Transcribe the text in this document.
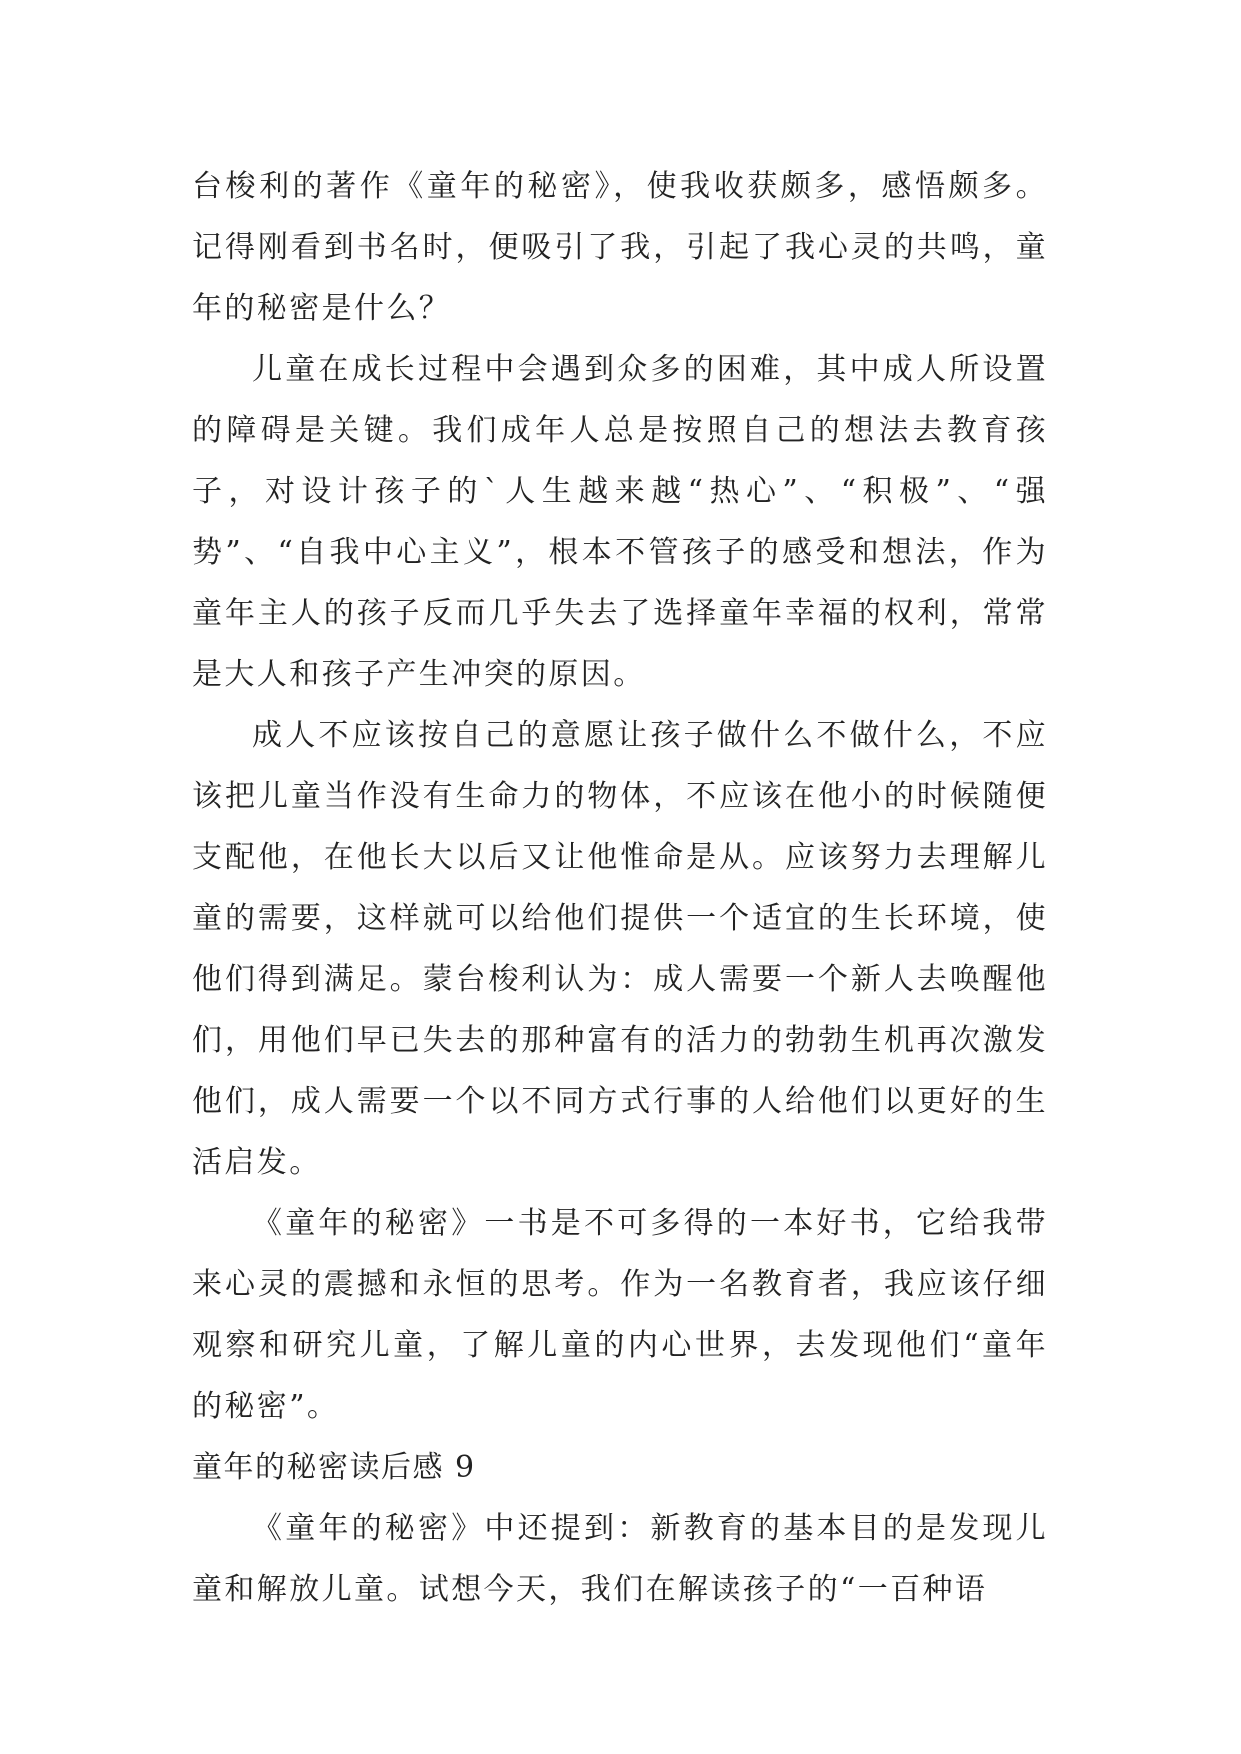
台梭利的著作《童年的秘密》，使我收获颇多，感悟颇多。记得刚看到书名时，便吸引了我，引起了我心灵的共鸣，童年的秘密是什么？

儿童在成长过程中会遇到众多的困难，其中成人所设置的障碍是关键。我们成年人总是按照自己的想法去教育孩子，对设计孩子的`人生越来越“热心”、“积极”、“强势”、“自我中心主义”，根本不管孩子的感受和想法，作为童年主人的孩子反而几乎失去了选择童年幸福的权利，常常是大人和孩子产生冲突的原因。

成人不应该按自己的意愿让孩子做什么不做什么，不应该把儿童当作没有生命力的物体，不应该在他小的时候随便支配他，在他长大以后又让他惟命是从。应该努力去理解儿童的需要，这样就可以给他们提供一个适宜的生长环境，使他们得到满足。蒙台梭利认为：成人需要一个新人去唤醒他们，用他们早已失去的那种富有的活力的勃勃生机再次激发他们，成人需要一个以不同方式行事的人给他们以更好的生活启发。

《童年的秘密》一书是不可多得的一本好书，它给我带来心灵的震撼和永恒的思考。作为一名教育者，我应该仔细观察和研究儿童，了解儿童的内心世界，去发现他们“童年的秘密”。

童年的秘密读后感 9

《童年的秘密》中还提到：新教育的基本目的是发现儿童和解放儿童。试想今天，我们在解读孩子的“一百种语
